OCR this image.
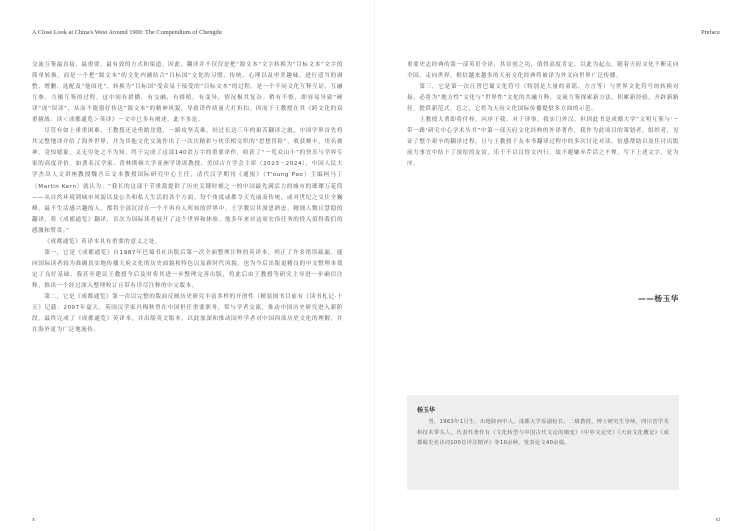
A Close Look at China's West Around 1900: The Compendium of Chengdu
交流互鉴最直接、最重要、最有效的方式和渠道。因此，翻译并不仅仅是把“源文本”文字转换为“目标文本”文字的简单转换，而是一个把“源文本”的文化内涵结合“目标国”文化的习惯、传统、心理以及审美趣味，进行适当的调整、增删、选配及“他国化”，转换为“目标国”受众易于接受的“目标文本”的过程。是一个不同文化互释互证，互融互参，互摄互鉴的过程。这中间有措播，有交融，有移植，有变异，情况极其复杂。稍有不慎，即容易导致“硬译”成“误读”，从而不能很好传达“源文本”的精神风貌，导致译作质量大打折扣。因而于王教授在其《跨文化的双重挑战：读＜成都通览＞英译》一文中已多有阐述，此不多论。
尽管有如上重重困难，王教授还是勇踏崖缝，一路攻坚克难，经过长达三年的艰苦翻译之旅，中国学界首先将其完整地译介给了海外世界，并为其他文化交流作出了一次次精彩与伙乐相交织的“思想冒险”，收获颇丰，用名被神，竟惊噫象，又无穷处之不为知，终于完成了这部140余万字的重要译作，收获了“一览众山小”的快乐与学界专家的高度评价。如著名汉学家、普林斯顿大学亚洲学讲席教授、美国古方学会主席（2023－2024），中国人民大学杰出人文讲座教授魏吾丘文本教授国际研究中心主任，清代汉学期刊《通报》（T'oung Pao）主编柯马丁（Martin Kern）就认为：“我长的这部于节重裁提供了历史关键时刻之一的中国最先满活力的城市的璀璨万花筒——从自然环境到城市风貌以及公共和私人生活的各个方面。每个角度或都令天光丽而传统，或对世纪之交往全巍峰，最不生活感兴趣的人，都将全部沉浸在一个不再有人所知的世界中。王学教以其深思熟虑、精细人微且慧稳的翻译，将《成都通览》翻译，首次为国际读者展开了这个世界和体验。他多年来对这项宏伟任务的投入值得我们的感激和赞赏。”
《成都通览》英译本具有重要的意义之处。
第一，它是《成都通览》自1987年巴蜀书社出版后第一次全面整理注释的英译本，列正了许多错误疏漏。能向国际读者较为准确真实地传播天府文化的历史面貌和特色以及新时代风貌，也为今后出版更精良的中文整理本奠定了良好基础。我甚至建议王教授今后及时将其进一步整理完善出版，将此后由王教授等研究主导进一步确信注释，推出一个经过深入整理校订且带有详尽注释的中文版本。
第二，它是《成都通览》第一次以完整的版面反映历史研究丰富多样的开创性（精装图书目前有《读书札记·十五》记载：2007年夏天，英国汉学家冯梅秋曾在中国担任重要职务，常与学者交流，推动中国历史研究进入新阶段，最终完成了《成都通览》英译本，并出版英文版本，以此加深和推动国外学者对中国西部历史文化的理解，并在海外更为广泛地流传。
x
Preface
重要史志经典的第一部英语全译，其首创之功，值得高度肯定，以此为起点，随着天府文化不断走向全国、走向世界，相信越来越多的天府文化经典将被译为外文向世界广泛传播。
第三，它是第一次汪曾巴蜀文化符号（特别是大量的童谣、方言等）与世界文化符号的转换对接，必将为“地方性”文化与“世界性”文化的共融互释，交流互鉴探索新方法，积累新经验，开辟新路径，提供新范式。总之，它将为天府文化国际传播提供多方面的示范。
王教授大著即将付梓，问序于我。对于译事，我实门外汉。但因此书是成都大学“文明互鉴与‘一带一路’研究中心学术丛书”中第一部天府文化经典的外译著作，我作为此项目的策划者，组织者，见证了整个艰辛的翻译过程，且与王教授于友本书翻译过程中的多次讨论对读，倍感帮助以及佳讨出版前力事宜中结下了深厚的友谊，乐于不以汉得文内行，故不避嫌弃芹话之不惮，写下上述文字，是为序。
——杨玉华
杨玉华
男，1963年1月生，出地陕西中人，成都大学原副校长，二级教授，博士研究生导师，四川省学术和技术带头人。代表性著作有《文化转型与中国古代文论的嬗变》《中外文论史》《天府文化概论》《成都蜀史名诗词100首详注精评》等10余种，发表论文40余篇。
xi
